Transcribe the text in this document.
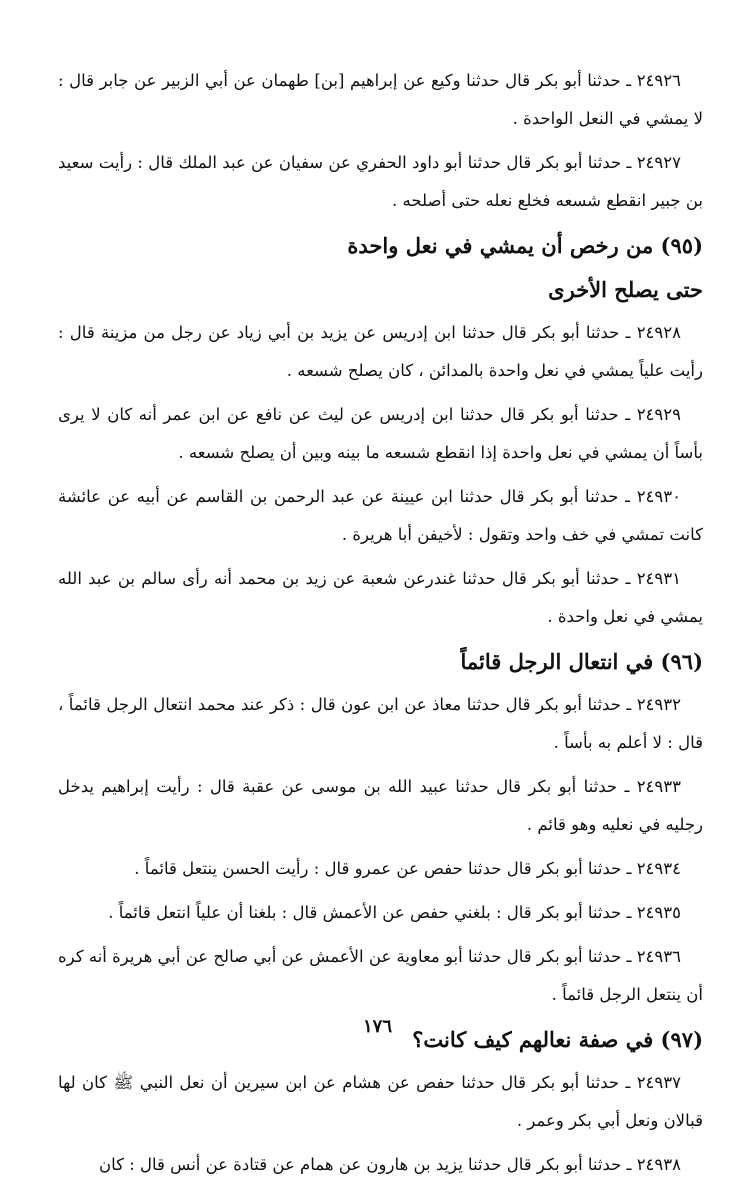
٢٤٩٢٦ ـ حدثنا أبو بكر قال حدثنا وكيع عن إبراهيم [بن] طهمان عن أبي الزبير عن جابر قال : لا يمشي في النعل الواحدة .

٢٤٩٢٧ ـ حدثنا أبو بكر قال حدثنا أبو داود الحفري عن سفيان عن عبد الملك قال : رأيت سعيد بن جبير انقطع شسعه فخلع نعله حتى أصلحه .

(٩٥) من رخص أن يمشي في نعل واحدة
حتى يصلح الأخرى

٢٤٩٢٨ ـ حدثنا أبو بكر قال حدثنا ابن إدريس عن يزيد بن أبي زياد عن رجل من مزينة قال : رأيت علياً يمشي في نعل واحدة بالمدائن ، كان يصلح شسعه .

٢٤٩٢٩ ـ حدثنا أبو بكر قال حدثنا ابن إدريس عن ليث عن نافع عن ابن عمر أنه كان لا يرى بأساً أن يمشي في نعل واحدة إذا انقطع شسعه ما بينه وبين أن يصلح شسعه .

٢٤٩٣٠ ـ حدثنا أبو بكر قال حدثنا ابن عيينة عن عبد الرحمن بن القاسم عن أبيه عن عائشة كانت تمشي في خف واحد وتقول : لأخيفن أبا هريرة .

٢٤٩٣١ ـ حدثنا أبو بكر قال حدثنا غندرعن شعبة عن زيد بن محمد أنه رأى سالم بن عبد الله يمشي في نعل واحدة .

(٩٦) في انتعال الرجل قائماً

٢٤٩٣٢ ـ حدثنا أبو بكر قال حدثنا معاذ عن ابن عون قال : ذكر عند محمد انتعال الرجل قائماً ، قال : لا أعلم به بأساً .

٢٤٩٣٣ ـ حدثنا أبو بكر قال حدثنا عبيد الله بن موسى عن عقبة قال : رأيت إبراهيم يدخل رجليه في نعليه وهو قائم .

٢٤٩٣٤ ـ حدثنا أبو بكر قال حدثنا حفص عن عمرو قال : رأيت الحسن ينتعل قائماً .

٢٤٩٣٥ ـ حدثنا أبو بكر قال : بلغني حفص عن الأعمش قال : بلغنا أن علياً انتعل قائماً .

٢٤٩٣٦ ـ حدثنا أبو بكر قال حدثنا أبو معاوية عن الأعمش عن أبي صالح عن أبي هريرة أنه كره أن ينتعل الرجل قائماً .

(٩٧) في صفة نعالهم كيف كانت؟

٢٤٩٣٧ ـ حدثنا أبو بكر قال حدثنا حفص عن هشام عن ابن سيرين أن نعل النبي ﷺ كان لها قبالان ونعل أبي بكر وعمر .

٢٤٩٣٨ ـ حدثنا أبو بكر قال حدثنا يزيد بن هارون عن همام عن قتادة عن أنس قال : كان

١٧٦
